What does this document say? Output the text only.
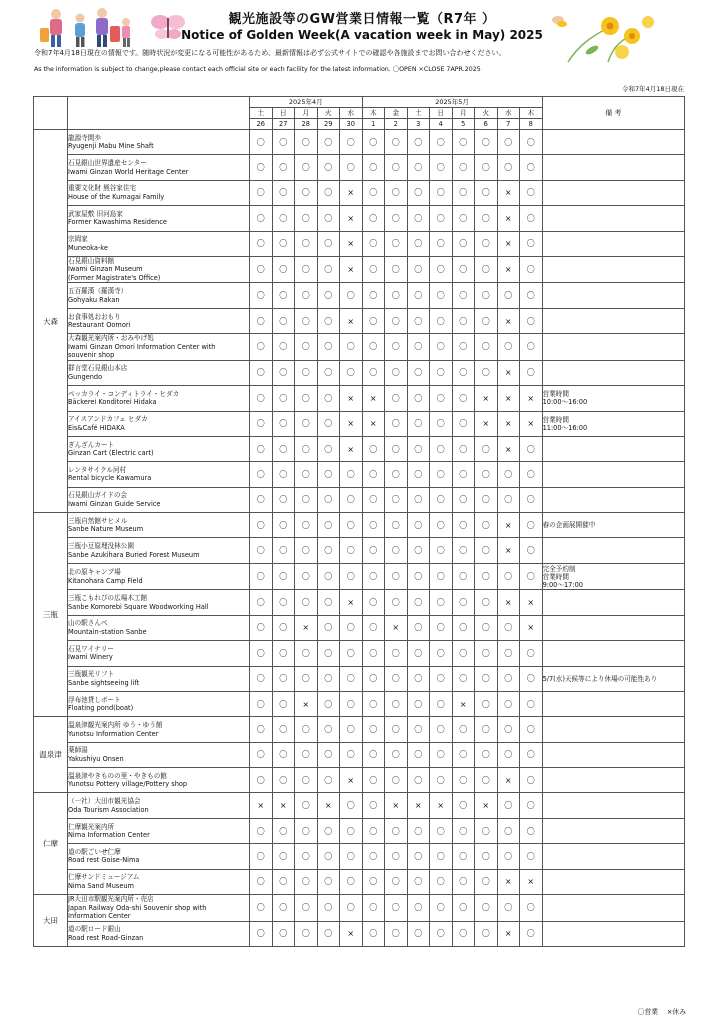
観光施設等のGW営業日情報一覧（R7年 ）
Notice of Golden Week(A vacation week in May) 2025
令和7年4月18日現在の情報です。随時状況が変更になる可能性があるため、最新情報は必ず公式サイトでの確認や各施設までお問い合わせください。
As the information is subject to change,please contact each official site or each facility for the latest information. 〇OPEN ×CLOSE 7APR.2025
令和7年4月18日現在
		2025年4月					2025年5月								備 考
		土	日	月	火	水	木	金	土	日	月	火	水	木	
		26	27	28	29	30	1	2	3	4	5	6	7	8	
大森	龍源寺間歩
Ryugenji Mabu Mine Shaft	〇	〇	〇	〇	〇	〇	〇	〇	〇	〇	〇	〇	〇	

	石見銀山世界遺産センター
Iwami Ginzan World Heritage Center	〇	〇	〇	〇	〇	〇	〇	〇	〇	〇	〇	〇	〇	

	重要文化財 熊谷家住宅
House of the Kumagai Family	〇	〇	〇	〇	×	〇	〇	〇	〇	〇	〇	×	〇	

	武家屋敷 旧河島家
Former Kawashima Residence	〇	〇	〇	〇	×	〇	〇	〇	〇	〇	〇	×	〇	

	宗岡家
Muneoka-ke	〇	〇	〇	〇	×	〇	〇	〇	〇	〇	〇	×	〇	

	石見銀山資料館
Iwami Ginzan Museum
(Former Magistrate's Office)	〇	〇	〇	〇	×	〇	〇	〇	〇	〇	〇	×	〇	

	五百羅漢（羅漢寺）
Gohyaku Rakan	〇	〇	〇	〇	〇	〇	〇	〇	〇	〇	〇	〇	〇	

	お食事処おおもり
Restaurant Oomori	〇	〇	〇	〇	×	〇	〇	〇	〇	〇	〇	×	〇	

	大森観光案内所・おみやげ処
Iwami Ginzan Omori Information Center with
souvenir shop	〇	〇	〇	〇	〇	〇	〇	〇	〇	〇	〇	〇	〇	

	群言堂石見銀山本店
Gungendo	〇	〇	〇	〇	〇	〇	〇	〇	〇	〇	〇	×	〇	

	ベッカライ・コンディトライ・ヒダカ
Bäckerei Konditorei Hidaka	〇	〇	〇	〇	×	×	〇	〇	〇	〇	×	×	×	営業時間
10:00～16:00

	アイスアンドカフェ ヒダカ
Eis&Café HIDAKA	〇	〇	〇	〇	×	×	〇	〇	〇	〇	×	×	×	営業時間
11:00～16:00

	ぎんざんカート
Ginzan Cart (Electric cart)	〇	〇	〇	〇	×	〇	〇	〇	〇	〇	〇	×	〇	

	レンタサイクル河村
Rental bicycle Kawamura	〇	〇	〇	〇	〇	〇	〇	〇	〇	〇	〇	〇	〇	

	石見銀山ガイドの会
Iwami Ginzan Guide Service	〇	〇	〇	〇	〇	〇	〇	〇	〇	〇	〇	〇	〇	
三瓶	三瓶自然館サヒメル
Sanbe Nature Museum	〇	〇	〇	〇	〇	〇	〇	〇	〇	〇	〇	×	〇	春の企画展開催中

	三瓶小豆原埋没林公園
Sanbe Azukihara Buried Forest Museum	〇	〇	〇	〇	〇	〇	〇	〇	〇	〇	〇	×	〇	

	北の原キャンプ場
Kitanohara Camp Field	〇	〇	〇	〇	〇	〇	〇	〇	〇	〇	〇	〇	〇	完全予約制
営業時間
9:00～17:00

	三瓶こもれびの広場木工館
Sanbe Komorebi Square Woodworking Hall	〇	〇	〇	〇	×	〇	〇	〇	〇	〇	〇	×	×	

	山の駅さんべ
Mountain-station Sanbe	〇	〇	×	〇	〇	〇	×	〇	〇	〇	〇	〇	×	

	石見ワイナリー
Iwami Winery	〇	〇	〇	〇	〇	〇	〇	〇	〇	〇	〇	〇	〇	

	三瓶観光リフト
Sanbe sightseeing lift	〇	〇	〇	〇	〇	〇	〇	〇	〇	〇	〇	〇	〇	5/7(水)天候等により休場の可能性あり

	浮布池貸しボート
Floating pond(boat)	〇	〇	×	〇	〇	〇	〇	〇	〇	×	〇	〇	〇	
温泉津	温泉津観光案内所 ゆう・ゆう館
Yunotsu Information Center	〇	〇	〇	〇	〇	〇	〇	〇	〇	〇	〇	〇	〇	

	薬師湯
Yakushiyu Onsen	〇	〇	〇	〇	〇	〇	〇	〇	〇	〇	〇	〇	〇	

	温泉津やきものの里・やきもの館
Yunotsu Pottery village/Pottery shop	〇	〇	〇	〇	×	〇	〇	〇	〇	〇	〇	×	〇	
仁摩	（一社）大田市観光協会
Oda Tourism Association	×	×	〇	×	〇	〇	×	×	×	〇	×	〇	〇	

	仁摩観光案内所
Nima Information Center	〇	〇	〇	〇	〇	〇	〇	〇	〇	〇	〇	〇	〇	

	道の駅ごいせ仁摩
Road rest Goise-Nima	〇	〇	〇	〇	〇	〇	〇	〇	〇	〇	〇	〇	〇	

	仁摩サンドミュージアム
Nima Sand Museum	〇	〇	〇	〇	〇	〇	〇	〇	〇	〇	〇	×	×	
大田	JR大田市駅観光案内所・売店
Japan Railway Oda-shi Souvenir shop with
Information Center	〇	〇	〇	〇	〇	〇	〇	〇	〇	〇	〇	〇	〇	

	道の駅ロード銀山
Road rest Road-Ginzan	〇	〇	〇	〇	×	〇	〇	〇	〇	〇	〇	×	〇	
〇営業 ×休み
